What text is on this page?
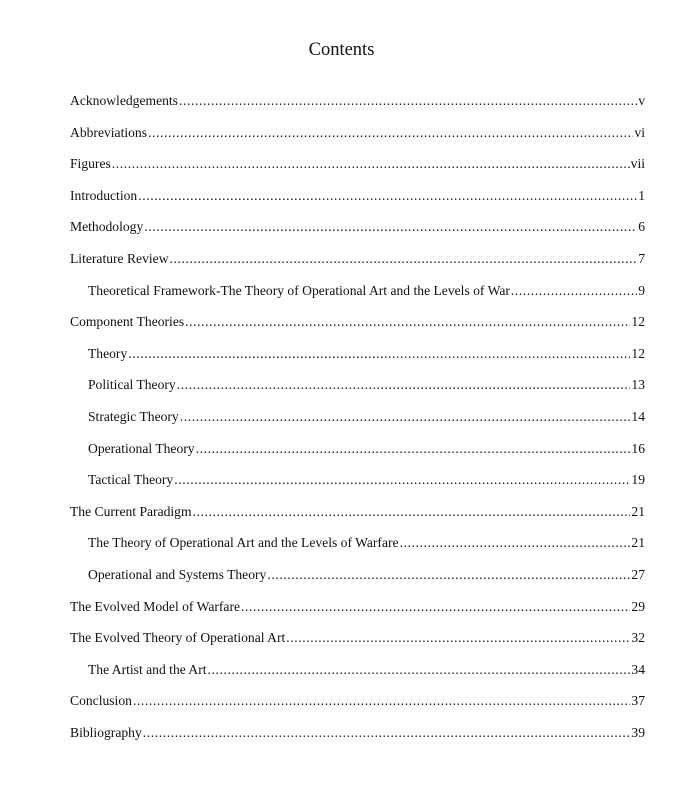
Contents
Acknowledgements . . .	v
Abbreviations . . .	vi
Figures . . .	vii
Introduction . . .	1
Methodology . . .	6
Literature Review . . .	7
Theoretical Framework-The Theory of Operational Art and the Levels of War . . .	9
Component Theories . . .	12
Theory . . .	12
Political Theory . . .	13
Strategic Theory . . .	14
Operational Theory . . .	16
Tactical Theory . . .	19
The Current Paradigm . . .	21
The Theory of Operational Art and the Levels of Warfare . . .	21
Operational and Systems Theory . . .	27
The Evolved Model of Warfare . . .	29
The Evolved Theory of Operational Art . . .	32
The Artist and the Art . . .	34
Conclusion . . .	37
Bibliography . . .	39
